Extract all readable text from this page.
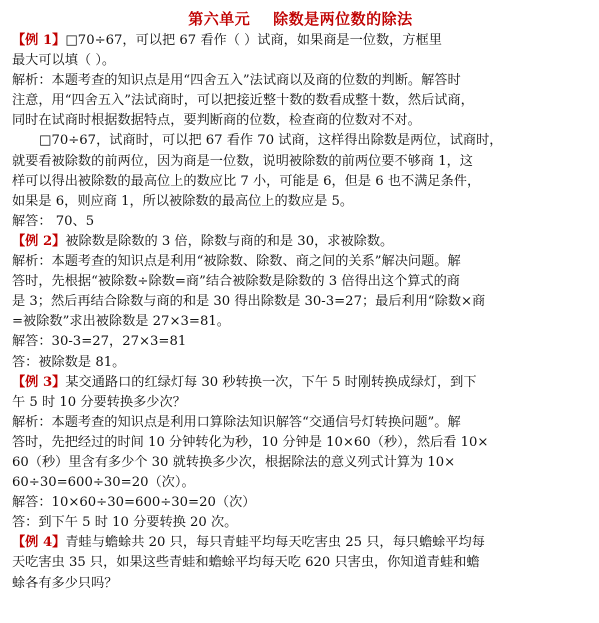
第六单元    除数是两位数的除法
【例 1】□70÷67，可以把 67 看作（ ）试商，如果商是一位数，方框里
最大可以填（ ）。
解析：本题考查的知识点是用“四舍五入”法试商以及商的位数的判断。解答时
注意，用“四舍五入”法试商时，可以把接近整十数的数看成整十数，然后试商，
同时在试商时根据数据特点，要判断商的位数，检查商的位数对不对。
□70÷67，试商时，可以把 67 看作 70 试商，这样得出除数是两位，试商时，
就要看被除数的前两位，因为商是一位数，说明被除数的前两位要不够商 1，这
样可以得出被除数的最高位上的数应比 7 小，可能是 6，但是 6 也不满足条件，
如果是 6，则应商 1，所以被除数的最高位上的数应是 5。
解答： 70、5
【例 2】被除数是除数的 3 倍，除数与商的和是 30，求被除数。
解析：本题考查的知识点是利用“被除数、除数、商之间的关系”解决问题。解
答时，先根据“被除数÷除数=商”结合被除数是除数的 3 倍得出这个算式的商
是 3；然后再结合除数与商的和是 30 得出除数是 30-3=27；最后利用“除数×商
=被除数”求出被除数是 27×3=81。
解答：30-3=27，27×3=81
答：被除数是 81。
【例 3】某交通路口的红绿灯每 30 秒转换一次，下午 5 时刚转换成绿灯，到下
午 5 时 10 分要转换多少次？
解析：本题考查的知识点是利用口算除法知识解答“交通信号灯转换问题”。解
答时，先把经过的时间 10 分钟转化为秒，10 分钟是 10×60（秒），然后看 10×
60（秒）里含有多少个 30 就转换多少次，根据除法的意义列式计算为 10×
60÷30=600÷30=20（次）。
解答：10×60÷30=600÷30=20（次）
答：到下午 5 时 10 分要转换 20 次。
【例 4】青蛙与蟾蜍共 20 只，每只青蛙平均每天吃害虫 25 只，每只蟾蜍平均每
天吃害虫 35 只，如果这些青蛙和蟾蜍平均每天吃 620 只害虫，你知道青蛙和蟾
蜍各有多少只吗？
